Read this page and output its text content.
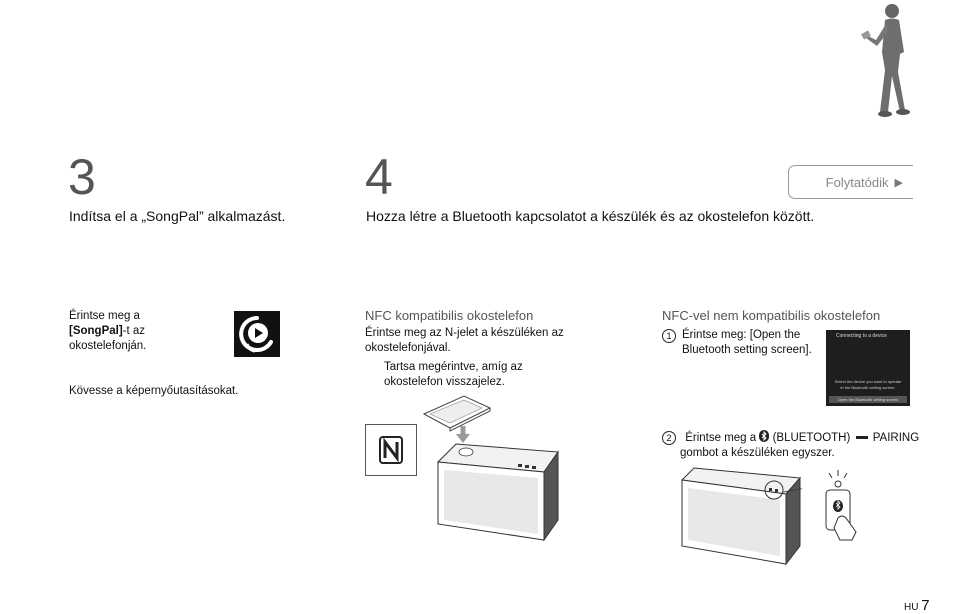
3
Indítsa el a „SongPal” alkalmazást.
Érintse meg a
[SongPal]-t az
okostelefonján.
Kövesse a képernyőutasításokat.
4
Hozza létre a Bluetooth kapcsolatot a készülék és az okostelefon között.
Folytatódik ▶
NFC kompatibilis okostelefon
Érintse meg az N-jelet a készüléken az
okostelefonjával.
Tartsa megérintve, amíg az
okostelefon visszajelez.
NFC-vel nem kompatibilis okostelefon
1 Érintse meg: [Open the
Bluetooth setting screen].
Connecting to a device
Select the device you want to operate
in the Bluetooth setting screen.
Open the Bluetooth setting screen
2 Érintse meg a (BLUETOOTH) PAIRING
gombot a készüléken egyszer.
HU 7
